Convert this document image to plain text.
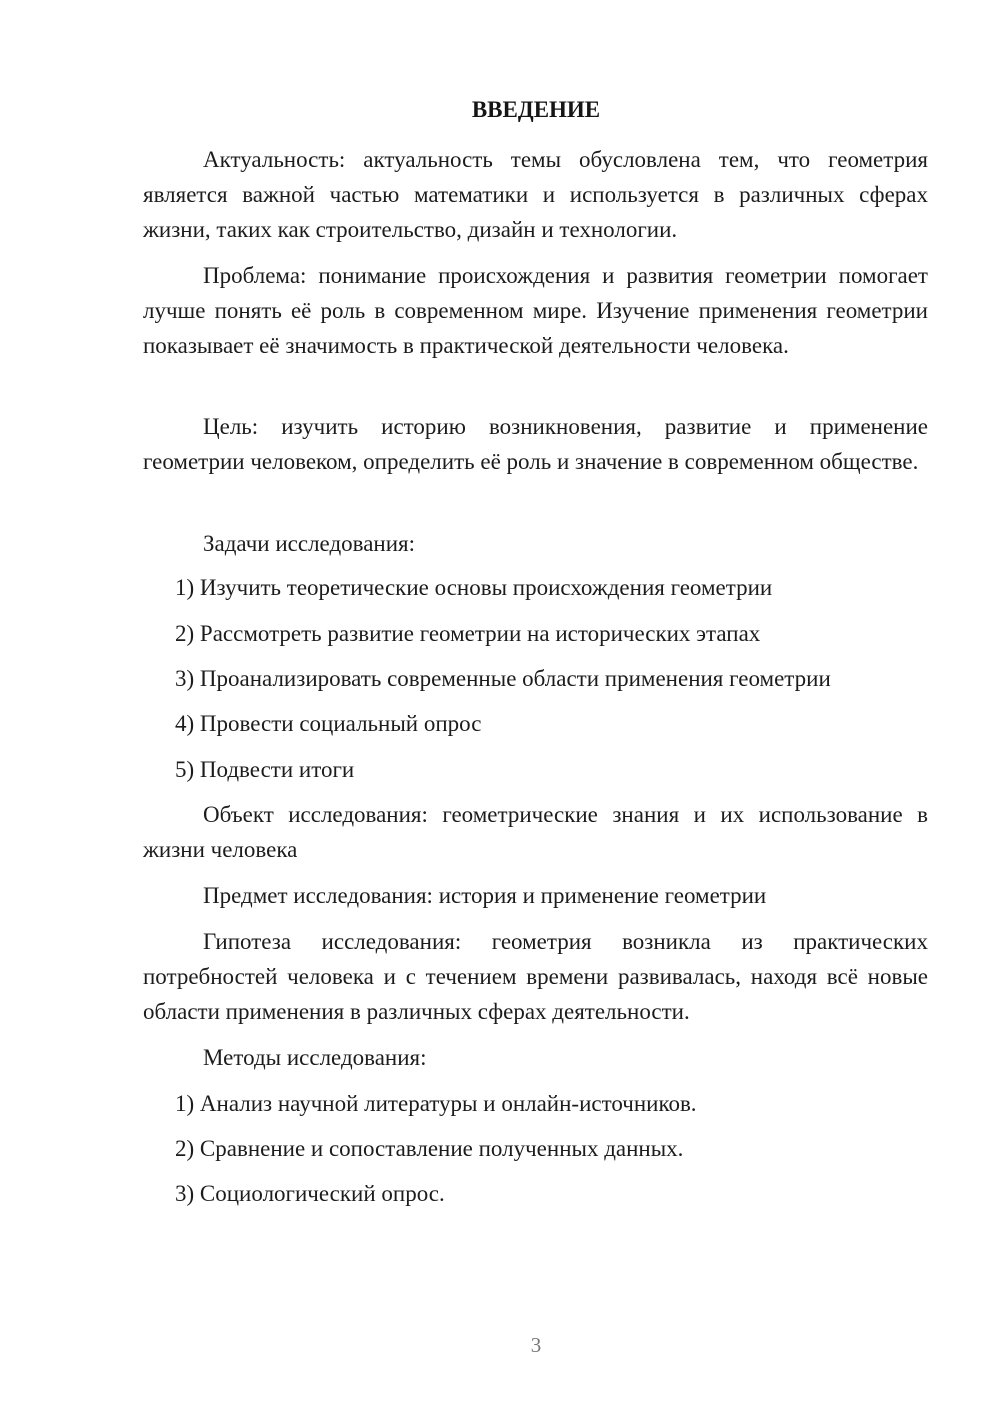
ВВЕДЕНИЕ

Актуальность: актуальность темы обусловлена тем, что геометрия является важной частью математики и используется в различных сферах жизни, таких как строительство, дизайн и технологии.

Проблема: понимание происхождения и развития геометрии помогает лучше понять её роль в современном мире. Изучение применения геометрии показывает её значимость в практической деятельности человека.

Цель: изучить историю возникновения, развитие и применение геометрии человеком, определить её роль и значение в современном обществе.

Задачи исследования:

1) Изучить теоретические основы происхождения геометрии

2) Рассмотреть развитие геометрии на исторических этапах

3) Проанализировать современные области применения геометрии

4) Провести социальный опрос

5) Подвести итоги

Объект исследования: геометрические знания и их использование в жизни человека

Предмет исследования: история и применение геометрии

Гипотеза исследования: геометрия возникла из практических потребностей человека и с течением времени развивалась, находя всё новые области применения в различных сферах деятельности.

Методы исследования:

1) Анализ научной литературы и онлайн-источников.

2) Сравнение и сопоставление полученных данных.

3) Социологический опрос.

3
